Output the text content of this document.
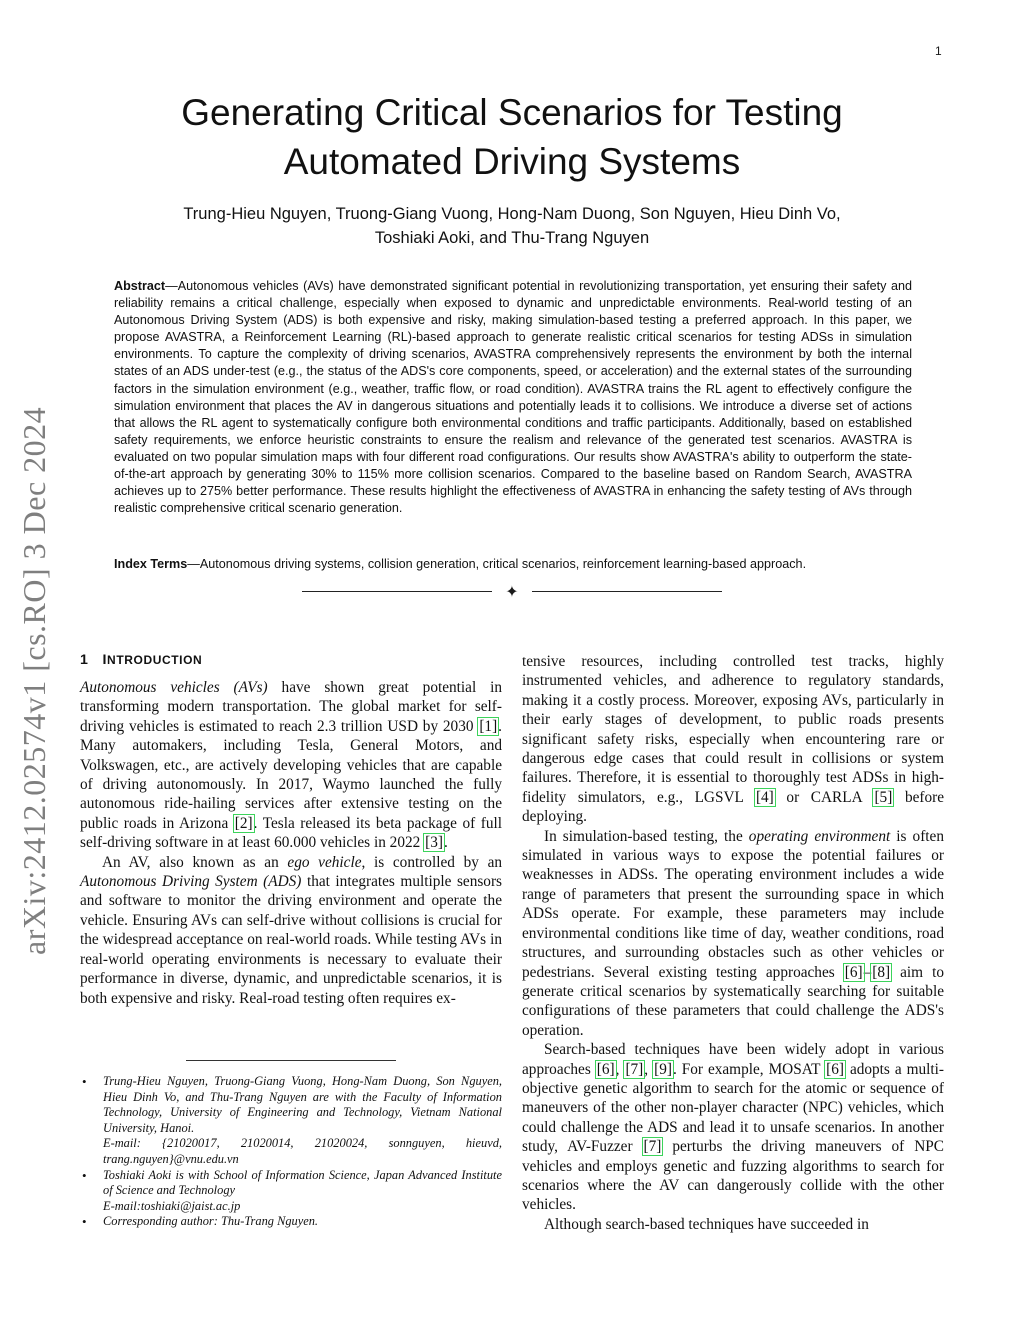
1
arXiv:2412.02574v1 [cs.RO] 3 Dec 2024
Generating Critical Scenarios for Testing
Automated Driving Systems
Trung-Hieu Nguyen, Truong-Giang Vuong, Hong-Nam Duong, Son Nguyen, Hieu Dinh Vo,
Toshiaki Aoki, and Thu-Trang Nguyen
Abstract—Autonomous vehicles (AVs) have demonstrated significant potential in revolutionizing transportation, yet ensuring their safety and reliability remains a critical challenge, especially when exposed to dynamic and unpredictable environments. Real-world testing of an Autonomous Driving System (ADS) is both expensive and risky, making simulation-based testing a preferred approach. In this paper, we propose AVASTRA, a Reinforcement Learning (RL)-based approach to generate realistic critical scenarios for testing ADSs in simulation environments. To capture the complexity of driving scenarios, AVASTRA comprehensively represents the environment by both the internal states of an ADS under-test (e.g., the status of the ADS's core components, speed, or acceleration) and the external states of the surrounding factors in the simulation environment (e.g., weather, traffic flow, or road condition). AVASTRA trains the RL agent to effectively configure the simulation environment that places the AV in dangerous situations and potentially leads it to collisions. We introduce a diverse set of actions that allows the RL agent to systematically configure both environmental conditions and traffic participants. Additionally, based on established safety requirements, we enforce heuristic constraints to ensure the realism and relevance of the generated test scenarios. AVASTRA is evaluated on two popular simulation maps with four different road configurations. Our results show AVASTRA's ability to outperform the state-of-the-art approach by generating 30% to 115% more collision scenarios. Compared to the baseline based on Random Search, AVASTRA achieves up to 275% better performance. These results highlight the effectiveness of AVASTRA in enhancing the safety testing of AVs through realistic comprehensive critical scenario generation.
Index Terms—Autonomous driving systems, collision generation, critical scenarios, reinforcement learning-based approach.
✦
1 INTRODUCTION

Autonomous vehicles (AVs) have shown great potential in transforming modern transportation. The global market for self-driving vehicles is estimated to reach 2.3 trillion USD by 2030 [1]. Many automakers, including Tesla, General Motors, and Volkswagen, etc., are actively developing vehicles that are capable of driving autonomously. In 2017, Waymo launched the fully autonomous ride-hailing services after extensive testing on the public roads in Arizona [2]. Tesla released its beta package of full self-driving software in at least 60.000 vehicles in 2022 [3].

An AV, also known as an ego vehicle, is controlled by an Autonomous Driving System (ADS) that integrates multiple sensors and software to monitor the driving environment and operate the vehicle. Ensuring AVs can self-drive without collisions is crucial for the widespread acceptance on real-world roads. While testing AVs in real-world operating environments is necessary to evaluate their performance in diverse, dynamic, and unpredictable scenarios, it is both expensive and risky. Real-road testing often requires ex-

tensive resources, including controlled test tracks, highly instrumented vehicles, and adherence to regulatory standards, making it a costly process. Moreover, exposing AVs, particularly in their early stages of development, to public roads presents significant safety risks, especially when encountering rare or dangerous edge cases that could result in collisions or system failures. Therefore, it is essential to thoroughly test ADSs in high-fidelity simulators, e.g., LGSVL [4] or CARLA [5] before deploying.

In simulation-based testing, the operating environment is often simulated in various ways to expose the potential failures or weaknesses in ADSs. The operating environment includes a wide range of parameters that present the surrounding space in which ADSs operate. For example, these parameters may include environmental conditions like time of day, weather conditions, road structures, and surrounding obstacles such as other vehicles or pedestrians. Several existing testing approaches [6]–[8] aim to generate critical scenarios by systematically searching for suitable configurations of these parameters that could challenge the ADS's operation.

Search-based techniques have been widely adopt in various approaches [6], [7], [9]. For example, MOSAT [6] adopts a multi-objective genetic algorithm to search for the atomic or sequence of maneuvers of the other non-player character (NPC) vehicles, which could challenge the ADS and lead it to unsafe scenarios. In another study, AV-Fuzzer [7] perturbs the driving maneuvers of NPC vehicles and employs genetic and fuzzing algorithms to search for scenarios where the AV can dangerously collide with the other vehicles.

Although search-based techniques have succeeded in

• Trung-Hieu Nguyen, Truong-Giang Vuong, Hong-Nam Duong, Son Nguyen, Hieu Dinh Vo, and Thu-Trang Nguyen are with the Faculty of Information Technology, University of Engineering and Technology, Vietnam National University, Hanoi.
E-mail: {21020017, 21020014, 21020024, sonnguyen, hieuvd, trang.nguyen}@vnu.edu.vn
• Toshiaki Aoki is with School of Information Science, Japan Advanced Institute of Science and Technology
E-mail:toshiaki@jaist.ac.jp
• Corresponding author: Thu-Trang Nguyen.
